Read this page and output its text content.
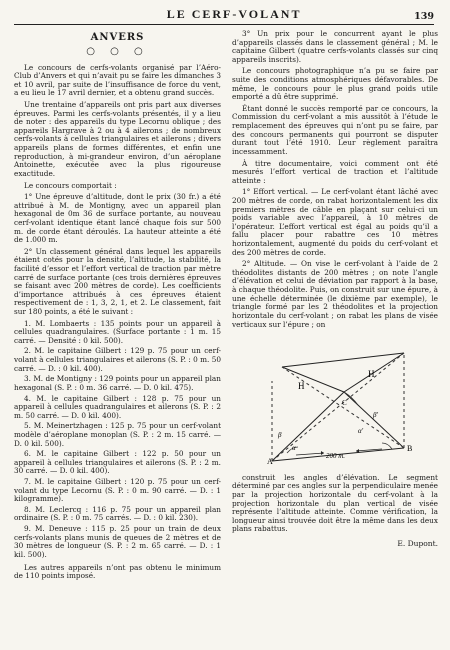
LE CERF-VOLANT	139
ANVERS
○ ○ ○

Le concours de cerfs-volants organisé par l’Aéro-Club d’Anvers et qui n’avait pu se faire les dimanches 3 et 10 avril, par suite de l’insuffisance de force du vent, a eu lieu le 17 avril dernier, et a obtenu grand succès.

Une trentaine d’appareils ont pris part aux diverses épreuves. Parmi les cerfs-volants présentés, il y a lieu de noter : des appareils du type Lecornu oblique ; des appareils Hargrave à 2 ou à 4 ailerons ; de nombreux cerfs-volants à cellules triangulaires et ailerons ; divers appareils plans de formes différentes, et enfin une reproduction, à mi-grandeur environ, d’un aéroplane Antoinette, exécutée avec la plus rigoureuse exactitude.

Le concours comportait :

1° Une épreuve d’altitude, dont le prix (30 fr.) a été attribué à M. de Montigny, avec un appareil plan hexagonal de 0m 36 de surface portante, au nouveau cerf-volant identique étant lancé chaque fois sur 500 m. de corde étant déroulés. La hauteur atteinte a été de 1.000 m.

2° Un classement général dans lequel les appareils étaient cotés pour la densité, l’altitude, la stabilité, la facilité d’essor et l’effort vertical de traction par mètre carré de surface portante (ces trois dernières épreuves se faisant avec 200 mètres de corde). Les coefficients d’importance attribués à ces épreuves étaient respectivement de : 1, 3, 2, 1, et 2. Le classement, fait sur 180 points, a été le suivant :

1. M. Lombaerts : 135 points pour un appareil à cellules quadrangulaires. (Surface portante : 1 m. 15 carré. — Densité : 0 kil. 500).
2. M. le capitaine Gilbert : 129 p. 75 pour un cerf-volant à cellules triangulaires et ailerons (S. P. : 0 m. 50 carré. — D. : 0 kil. 400).
3. M. de Montigny : 129 points pour un appareil plan hexagonal (S. P. : 0 m. 36 carré. — D. 0 kil. 475).
4. M. le capitaine Gilbert : 128 p. 75 pour un appareil à cellules quadrangulaires et ailerons (S. P. : 2 m. 50 carré. — D. 0 kil. 400).
5. M. Meinertzhagen : 125 p. 75 pour un cerf-volant modèle d’aéroplane monoplan (S. P. : 2 m. 15 carré. — D. 0 kil. 500).
6. M. le capitaine Gilbert : 122 p. 50 pour un appareil à cellules triangulaires et ailerons (S. P. : 2 m. 30 carré. — D. 0 kil. 400).
7. M. le capitaine Gilbert : 120 p. 75 pour un cerf-volant du type Lecornu (S. P. : 0 m. 90 carré. — D. : 1 kilogramme).
8. M. Leclercq : 116 p. 75 pour un appareil plan ordinaire (S. P. : 0 m. 75 carrés. — D. : 0 kil. 230).
9. M. Deneuve : 115 p. 25 pour un train de deux cerfs-volants plans munis de queues de 2 mètres et de 30 mètres de longueur (S. P. : 2 m. 65 carré. — D. : 1 kil. 500).

Les autres appareils n’ont pas obtenu le minimum de 110 points imposé.

3° Un prix pour le concurrent ayant le plus d’appareils classés dans le classement général ; M. le capitaine Gilbert (quatre cerfs-volants classés sur cinq appareils inscrits).

Le concours photographique n’a pu se faire par suite des conditions atmosphériques défavorables. De même, le concours pour le plus grand poids utile emporté a dû être supprimé.

Étant donné le succès remporté par ce concours, la Commission du cerf-volant a mis aussitôt à l’étude le remplacement des épreuves qui n’ont pu se faire, par des concours permanents qui pourront se disputer durant tout l’été 1910. Leur règlement paraîtra incessamment.

À titre documentaire, voici comment ont été mesurés l’effort vertical de traction et l’altitude atteinte :

1° Effort vertical. — Le cerf-volant étant lâché avec 200 mètres de corde, on rabat horizontalement les dix premiers mètres de câble en plaçant sur celui-ci un poids variable avec l’appareil, à 10 mètres de l’opérateur. L’effort vertical est égal au poids qu’il a fallu placer pour rabattre ces 10 mètres horizontalement, augmenté du poids du cerf-volant et des 200 mètres de corde.

2° Altitude. — On vise le cerf-volant à l’aide de 2 théodolites distants de 200 mètres ; on note l’angle d’élévation et celui de déviation par rapport à la base, à chaque théodolite. Puis, on construit sur une épure, à une échelle déterminée (le dixième par exemple), le triangle formé par les 2 théodolites et la projection horizontale du cerf-volant ; on rabat les plans de visée verticaux sur l’épure ; on

H
H
C
A
B
α
β'
α'
β
200 m.

construit les angles d’élévation. Le segment déterminé par ces angles sur la perpendiculaire menée par la projection horizontale du cerf-volant à la projection horizontale du plan vertical de visée représente l’altitude atteinte. Comme vérification, la longueur ainsi trouvée doit être la même dans les deux plans rabattus.

E. Dupont.
